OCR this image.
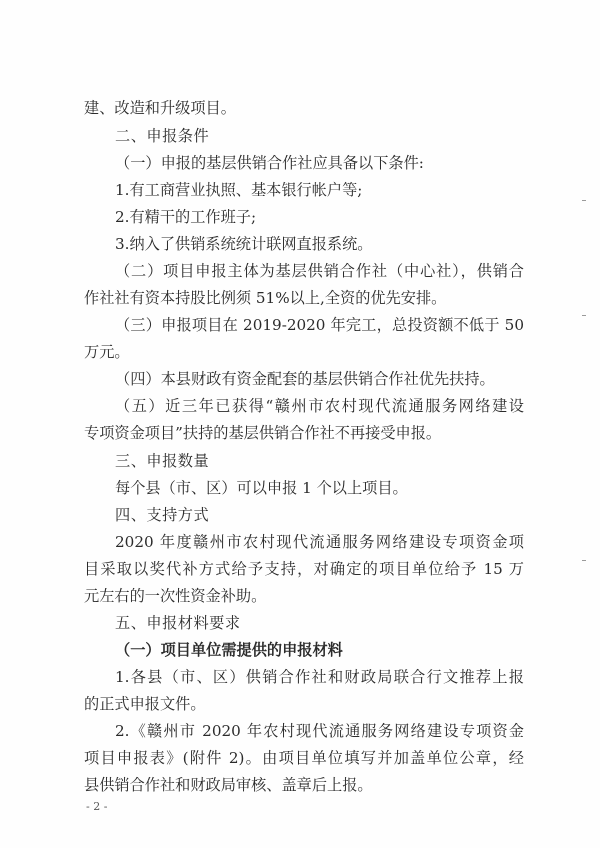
建、改造和升级项目。

二、申报条件

（一）申报的基层供销合作社应具备以下条件:

1.有工商营业执照、基本银行帐户等;

2.有精干的工作班子;

3.纳入了供销系统统计联网直报系统。

（二）项目申报主体为基层供销合作社（中心社），供销合

作社社有资本持股比例须 51%以上,全资的优先安排。

（三）申报项目在 2019-2020 年完工，总投资额不低于 50

万元。

（四）本县财政有资金配套的基层供销合作社优先扶持。

（五）近三年已获得“赣州市农村现代流通服务网络建设

专项资金项目”扶持的基层供销合作社不再接受申报。

三、申报数量

每个县（市、区）可以申报 1 个以上项目。

四、支持方式

2020 年度赣州市农村现代流通服务网络建设专项资金项

目采取以奖代补方式给予支持，对确定的项目单位给予 15 万

元左右的一次性资金补助。

五、申报材料要求

（一）项目单位需提供的申报材料

1.各县（市、区）供销合作社和财政局联合行文推荐上报

的正式申报文件。

2.《赣州市 2020 年农村现代流通服务网络建设专项资金

项目申报表》(附件 2)。由项目单位填写并加盖单位公章，经

县供销合作社和财政局审核、盖章后上报。

- 2 -
